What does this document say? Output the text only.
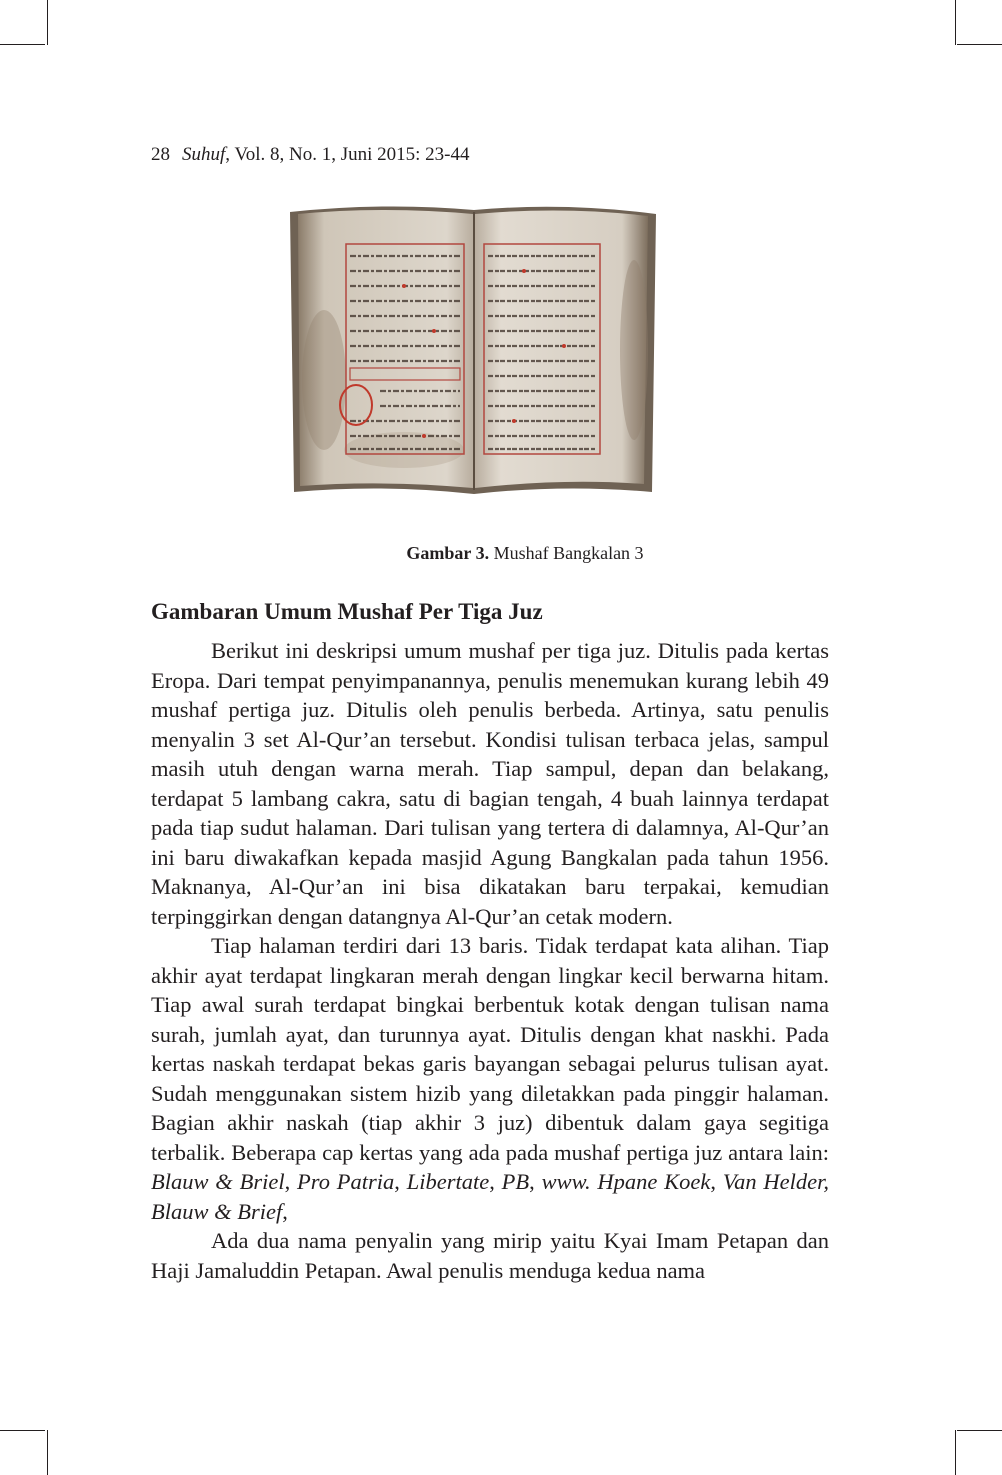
28 Suhuf, Vol. 8, No. 1, Juni 2015: 23-44
Gambar 3. Mushaf Bangkalan 3
Gambaran Umum Mushaf Per Tiga Juz

Berikut ini deskripsi umum mushaf per tiga juz. Ditulis pada kertas Eropa. Dari tempat penyimpanannya, penulis menemukan kurang lebih 49 mushaf pertiga juz. Ditulis oleh penulis berbeda. Artinya, satu penulis menyalin 3 set Al-Qur’an tersebut. Kondisi tulisan terbaca jelas, sampul masih utuh dengan warna merah. Tiap sampul, depan dan belakang, terdapat 5 lambang cakra, satu di bagian tengah, 4 buah lainnya terdapat pada tiap sudut halaman. Dari tulisan yang tertera di dalamnya, Al-Qur’an ini baru diwakafkan kepada masjid Agung Bangkalan pada tahun 1956. Maknanya, Al-Qur’an ini bisa dikatakan baru terpakai, kemudian terpinggirkan dengan datangnya Al-Qur’an cetak modern.

Tiap halaman terdiri dari 13 baris. Tidak terdapat kata alihan. Tiap akhir ayat terdapat lingkaran merah dengan lingkar kecil berwarna hitam. Tiap awal surah terdapat bingkai berbentuk kotak dengan tulisan nama surah, jumlah ayat, dan turunnya ayat. Ditulis dengan khat naskhi. Pada kertas naskah terdapat bekas garis bayangan sebagai pelurus tulisan ayat. Sudah menggunakan sistem hizib yang diletakkan pada pinggir halaman. Bagian akhir naskah (tiap akhir 3 juz) dibentuk dalam gaya segitiga terbalik. Beberapa cap kertas yang ada pada mushaf pertiga juz antara lain: Blauw & Briel, Pro Patria, Libertate, PB, www. Hpane Koek, Van Helder, Blauw & Brief,

Ada dua nama penyalin yang mirip yaitu Kyai Imam Petapan dan Haji Jamaluddin Petapan. Awal penulis menduga kedua nama
